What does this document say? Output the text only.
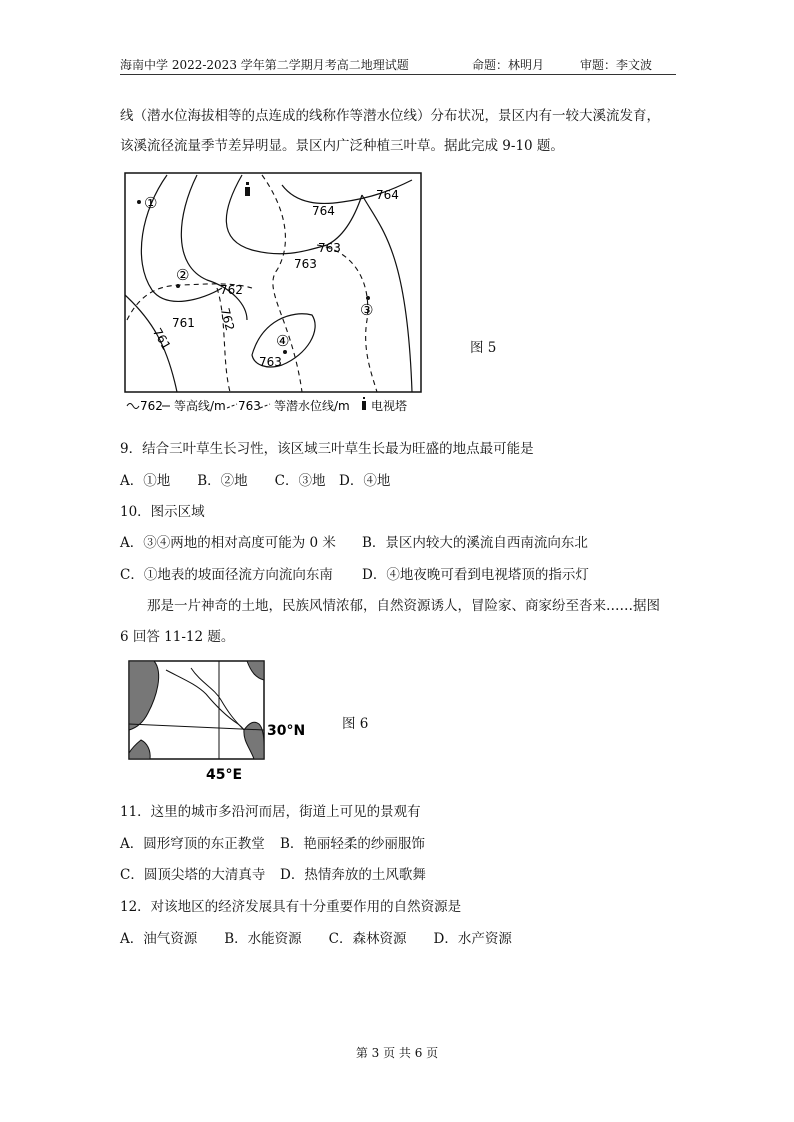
海南中学 2022-2023 学年第二学期月考高二地理试题	命题：林明月	审题：李文波
线（潜水位海拔相等的点连成的线称作等潜水位线）分布状况，景区内有一较大溪流发育，
该溪流径流量季节差异明显。景区内广泛种植三叶草。据此完成 9-10 题。
764
764
763
763
762
762
761
761
763
①
②
③
④
762 等高线/m 763 等潜水位线/m 电视塔
图 5
9．结合三叶草生长习性，该区域三叶草生长最为旺盛的地点最可能是
A．①地　　B．②地　　C．③地　D．④地
10．图示区域
A．③④两地的相对高度可能为 0 米 B．景区内较大的溪流自西南流向东北
C．①地表的坡面径流方向流向东南 D．④地夜晚可看到电视塔顶的指示灯
　　那是一片神奇的土地，民族风情浓郁，自然资源诱人，冒险家、商家纷至沓来……据图
6 回答 11-12 题。
30°N
45°E
图 6
11．这里的城市多沿河而居，街道上可见的景观有
A．圆形穹顶的东正教堂 B．艳丽轻柔的纱丽服饰
C．圆顶尖塔的大清真寺 D．热情奔放的土风歌舞
12．对该地区的经济发展具有十分重要作用的自然资源是
A．油气资源　　B．水能资源　　C．森林资源　　D．水产资源
第 3 页 共 6 页
